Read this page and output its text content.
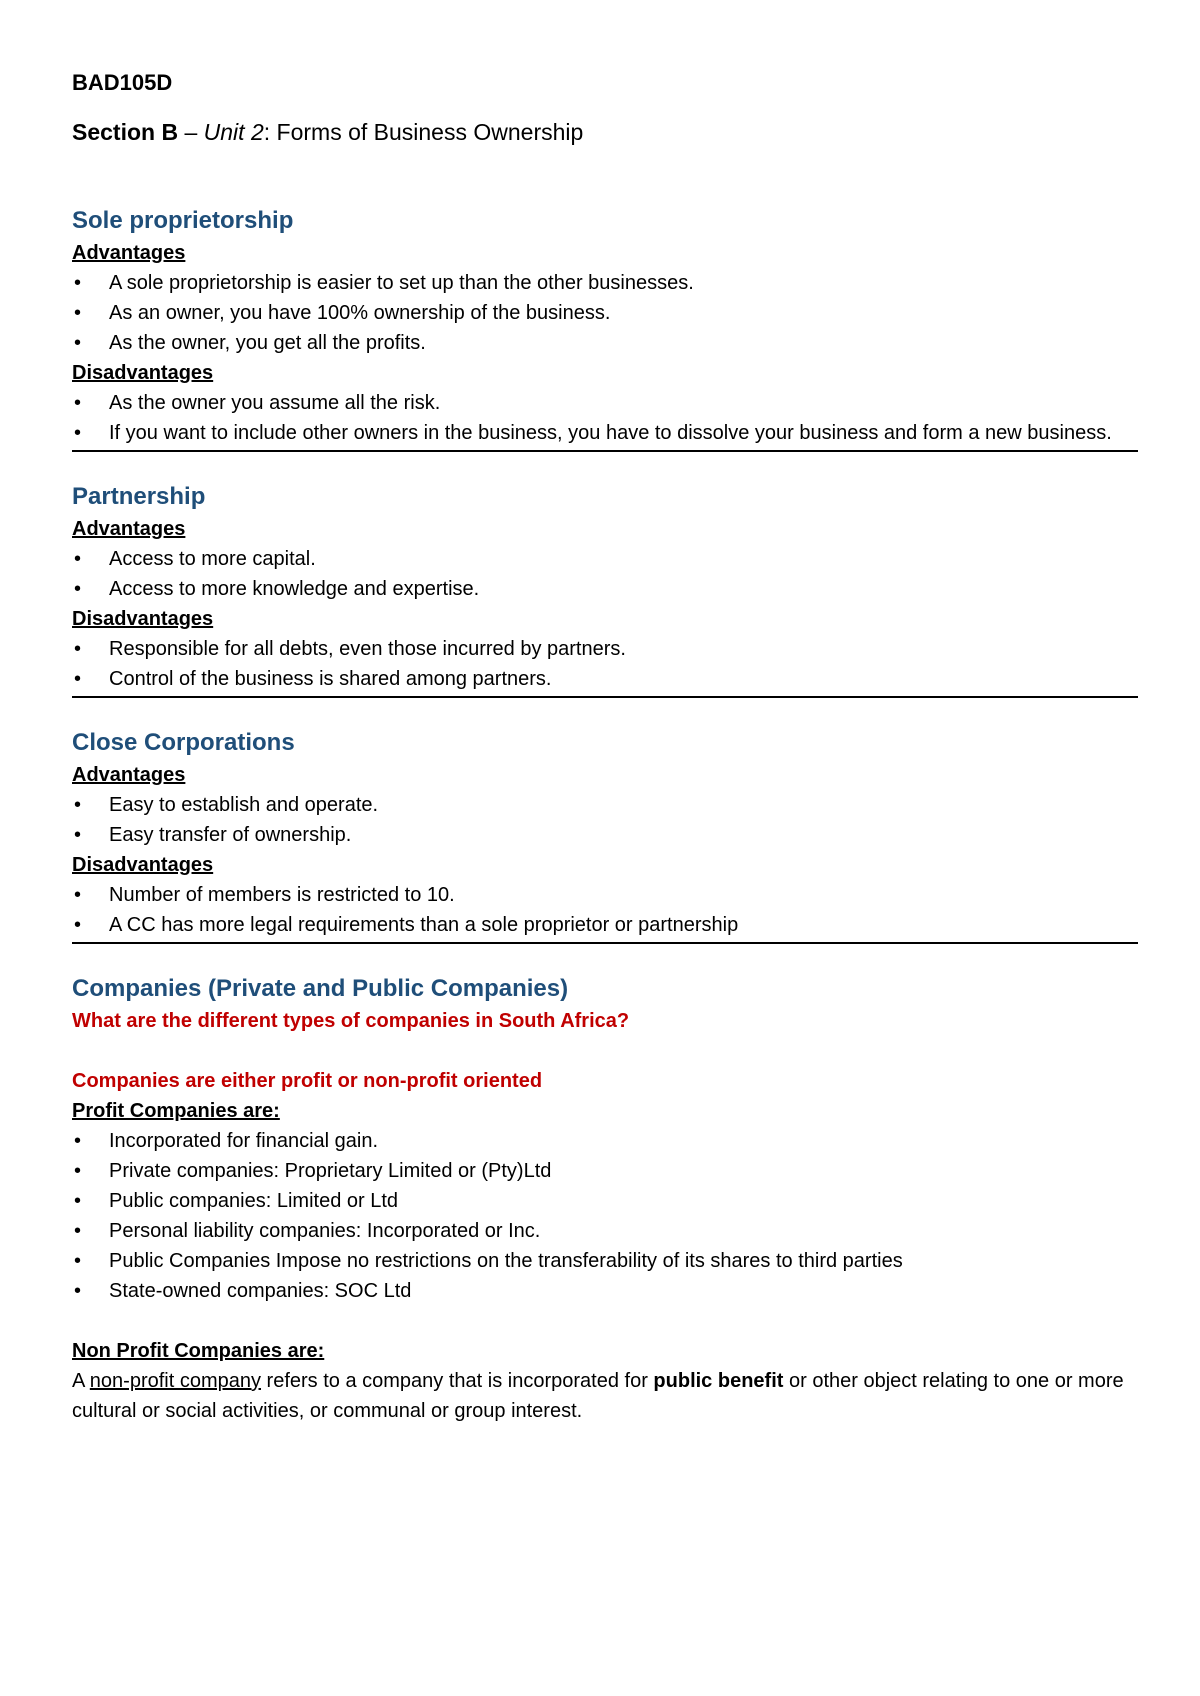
BAD105D
Section B – Unit 2: Forms of Business Ownership
Sole proprietorship
Advantages
• A sole proprietorship is easier to set up than the other businesses.
• As an owner, you have 100% ownership of the business.
• As the owner, you get all the profits.
Disadvantages
• As the owner you assume all the risk.
• If you want to include other owners in the business, you have to dissolve your business and form a new business.
Partnership
Advantages
• Access to more capital.
• Access to more knowledge and expertise.
Disadvantages
• Responsible for all debts, even those incurred by partners.
• Control of the business is shared among partners.
Close Corporations
Advantages
• Easy to establish and operate.
• Easy transfer of ownership.
Disadvantages
• Number of members is restricted to 10.
• A CC has more legal requirements than a sole proprietor or partnership
Companies (Private and Public Companies)
What are the different types of companies in South Africa?
Companies are either profit or non-profit oriented
Profit Companies are:
• Incorporated for financial gain.
• Private companies: Proprietary Limited or (Pty)Ltd
• Public companies: Limited or Ltd
• Personal liability companies: Incorporated or Inc.
• Public Companies Impose no restrictions on the transferability of its shares to third parties
• State-owned companies: SOC Ltd
Non Profit Companies are:

A non-profit company refers to a company that is incorporated for public benefit or other object relating to one or more cultural or social activities, or communal or group interest.
